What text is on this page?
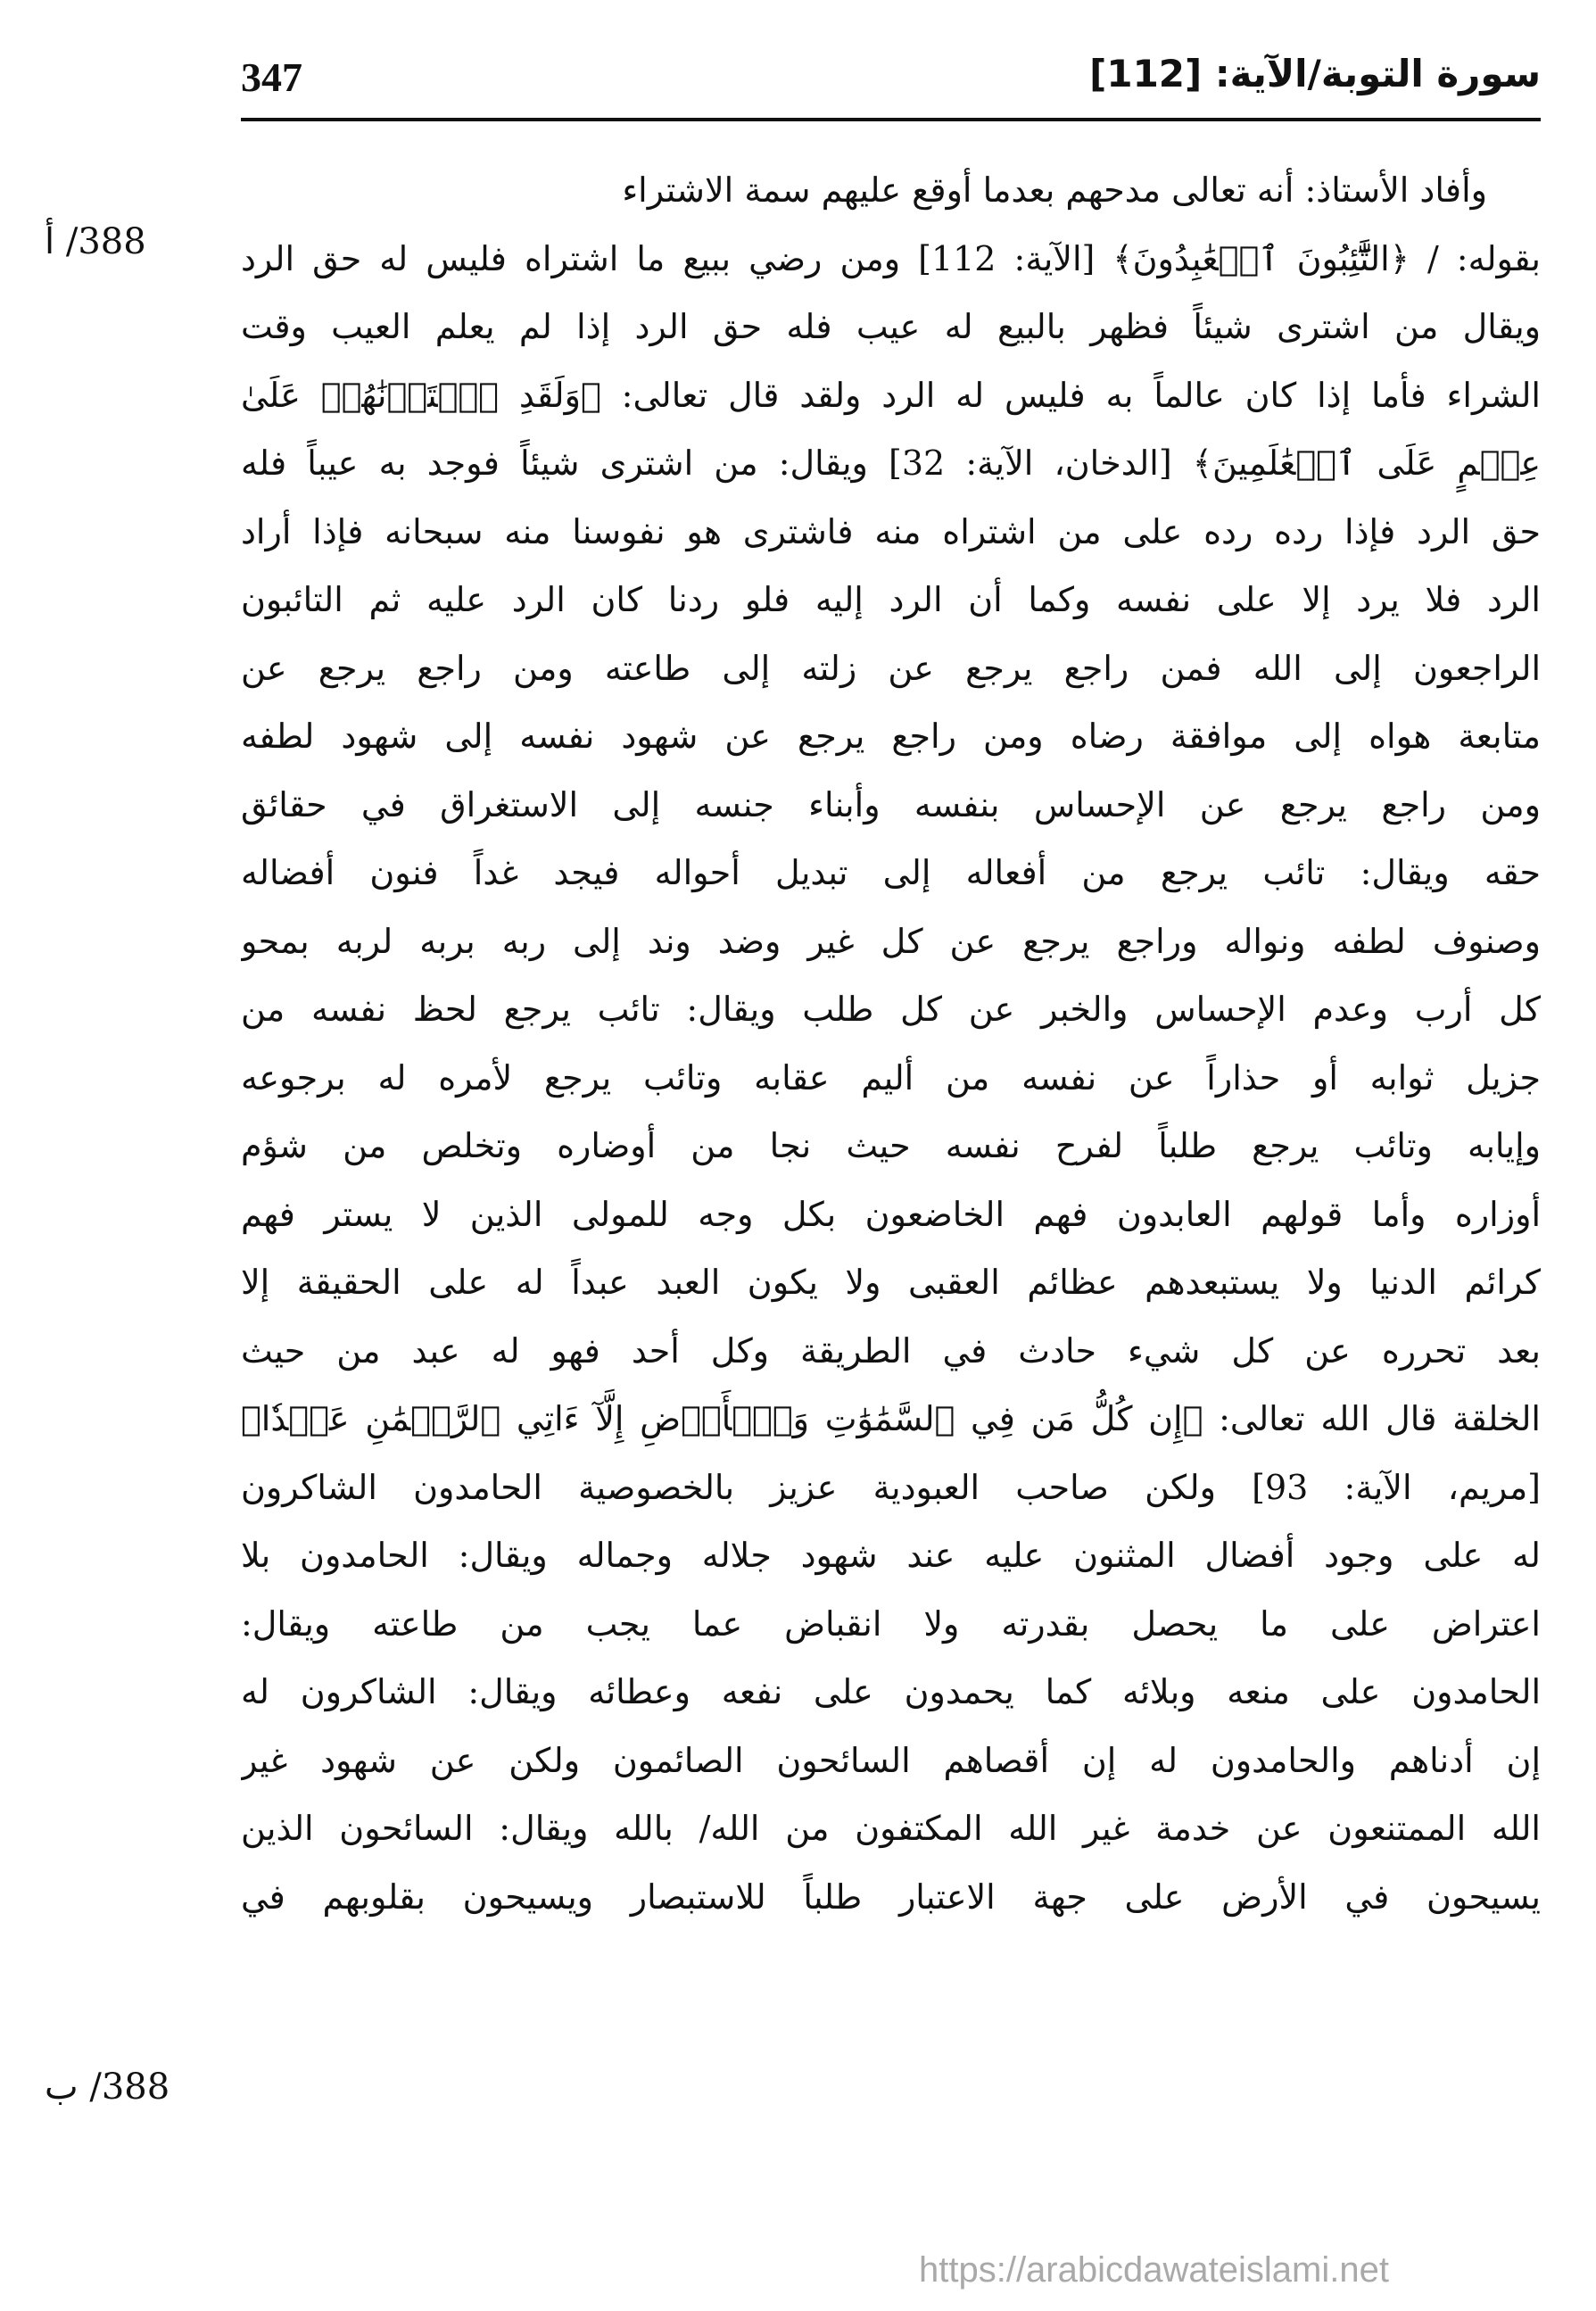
347	سورة التوبة/الآية: [112]
388/ أ
388/ ب
وأفاد الأستاذ: أنه تعالى مدحهم بعدما أوقع عليهم سمة الاشتراء
بقوله: / ﴿التَّٰٓئِبُونَ ٱلۡعَٰبِدُونَ﴾ [الآية: 112] ومن رضي ببيع ما اشتراه فليس له حق الرد
ويقال من اشترى شيئاً فظهر بالبيع له عيب فله حق الرد إذا لم يعلم العيب وقت
الشراء فأما إذا كان عالماً به فليس له الرد ولقد قال تعالى: ﴿وَلَقَدِ ٱخۡتَرۡنَٰهُمۡ عَلَىٰ
عِلۡمٍ عَلَى ٱلۡعَٰلَمِينَ﴾ [الدخان، الآية: 32] ويقال: من اشترى شيئاً فوجد به عيباً فله
حق الرد فإذا رده رده على من اشتراه منه فاشترى هو نفوسنا منه سبحانه فإذا أراد
الرد فلا يرد إلا على نفسه وكما أن الرد إليه فلو ردنا كان الرد عليه ثم التائبون
الراجعون إلى الله فمن راجع يرجع عن زلته إلى طاعته ومن راجع يرجع عن
متابعة هواه إلى موافقة رضاه ومن راجع يرجع عن شهود نفسه إلى شهود لطفه
ومن راجع يرجع عن الإحساس بنفسه وأبناء جنسه إلى الاستغراق في حقائق
حقه ويقال: تائب يرجع من أفعاله إلى تبديل أحواله فيجد غداً فنون أفضاله
وصنوف لطفه ونواله وراجع يرجع عن كل غير وضد وند إلى ربه بربه لربه بمحو
كل أرب وعدم الإحساس والخبر عن كل طلب ويقال: تائب يرجع لحظ نفسه من
جزيل ثوابه أو حذاراً عن نفسه من أليم عقابه وتائب يرجع لأمره له برجوعه
وإيابه وتائب يرجع طلباً لفرح نفسه حيث نجا من أوضاره وتخلص من شؤم
أوزاره وأما قولهم العابدون فهم الخاضعون بكل وجه للمولى الذين لا يستر فهم
كرائم الدنيا ولا يستبعدهم عظائم العقبى ولا يكون العبد عبداً له على الحقيقة إلا
بعد تحرره عن كل شيء حادث في الطريقة وكل أحد فهو له عبد من حيث
الخلقة قال الله تعالى: ﴿إِن كُلُّ مَن فِي ٱلسَّمَٰوَٰتِ وَٱلۡأَرۡضِ إِلَّآ ءَاتِي ٱلرَّحۡمَٰنِ عَبۡدٗا﴾
[مريم، الآية: 93] ولكن صاحب العبودية عزيز بالخصوصية الحامدون الشاكرون
له على وجود أفضال المثنون عليه عند شهود جلاله وجماله ويقال: الحامدون بلا
اعتراض على ما يحصل بقدرته ولا انقباض عما يجب من طاعته ويقال:
الحامدون على منعه وبلائه كما يحمدون على نفعه وعطائه ويقال: الشاكرون له
إن أدناهم والحامدون له إن أقصاهم السائحون الصائمون ولكن عن شهود غير
الله الممتنعون عن خدمة غير الله المكتفون من الله/ بالله ويقال: السائحون الذين
يسيحون في الأرض على جهة الاعتبار طلباً للاستبصار ويسيحون بقلوبهم في
https://arabicdawateislami.net
